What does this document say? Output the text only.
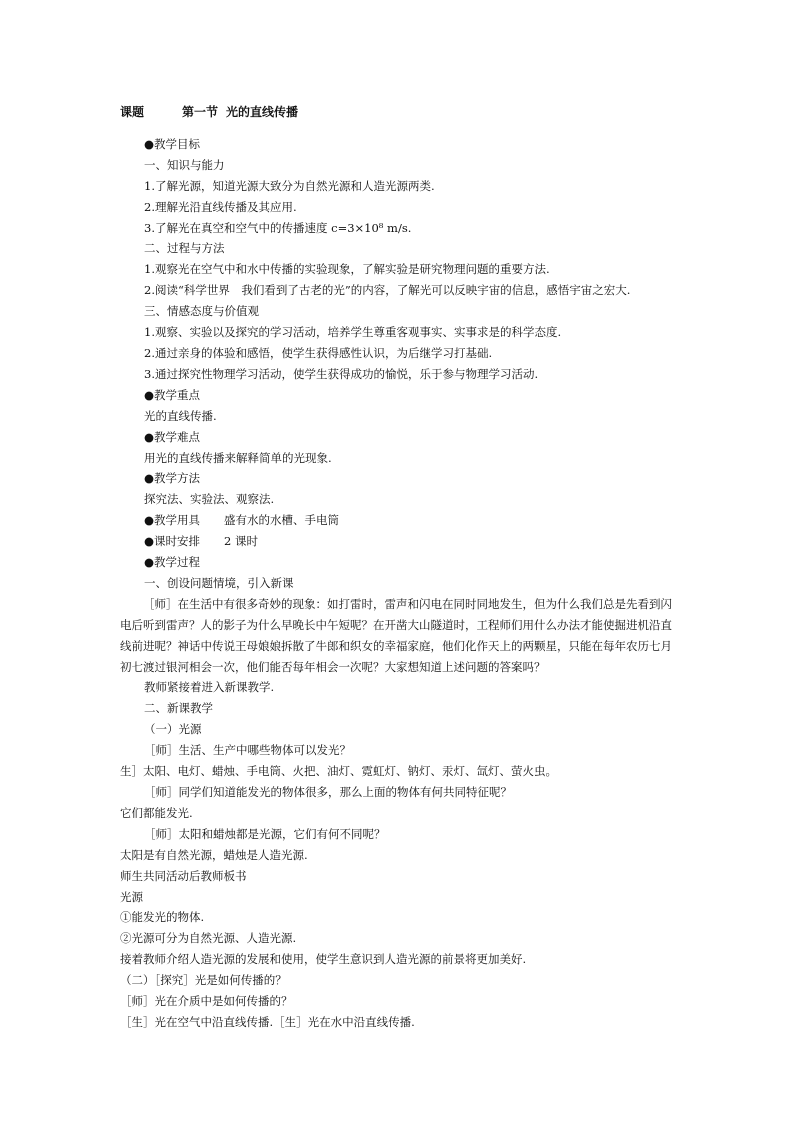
课题	第一节 光的直线传播

●教学目标

一、知识与能力

1.了解光源，知道光源大致分为自然光源和人造光源两类.

2.理解光沿直线传播及其应用.

3.了解光在真空和空气中的传播速度 c=3×10⁸ m/s.

二、过程与方法

1.观察光在空气中和水中传播的实验现象，了解实验是研究物理问题的重要方法.

2.阅读“科学世界　我们看到了古老的光”的内容，了解光可以反映宇宙的信息，感悟宇宙之宏大.

三、情感态度与价值观

1.观察、实验以及探究的学习活动，培养学生尊重客观事实、实事求是的科学态度.

2.通过亲身的体验和感悟，使学生获得感性认识，为后继学习打基础.

3.通过探究性物理学习活动，使学生获得成功的愉悦，乐于参与物理学习活动.

●教学重点

光的直线传播.

●教学难点

用光的直线传播来解释简单的光现象.

●教学方法

探究法、实验法、观察法.

●教学用具 盛有水的水槽、手电筒

●课时安排 2 课时

●教学过程

一、创设问题情境，引入新课

［师］在生活中有很多奇妙的现象：如打雷时，雷声和闪电在同时同地发生，但为什么我们总是先看到闪电后听到雷声？人的影子为什么早晚长中午短呢？在开凿大山隧道时，工程师们用什么办法才能使掘进机沿直线前进呢？神话中传说王母娘娘拆散了牛郎和织女的幸福家庭，他们化作天上的两颗星，只能在每年农历七月初七渡过银河相会一次，他们能否每年相会一次呢？大家想知道上述问题的答案吗？

教师紧接着进入新课教学.

二、新课教学

（一）光源

［师］生活、生产中哪些物体可以发光？

生］太阳、电灯、蜡烛、手电筒、火把、油灯、霓虹灯、钠灯、汞灯、氙灯、萤火虫。

［师］同学们知道能发光的物体很多，那么上面的物体有何共同特征呢？

它们都能发光.

［师］太阳和蜡烛都是光源，它们有何不同呢？

太阳是有自然光源，蜡烛是人造光源.

师生共同活动后教师板书

光源

①能发光的物体.

②光源可分为自然光源、人造光源.

接着教师介绍人造光源的发展和使用，使学生意识到人造光源的前景将更加美好.

（二）［探究］光是如何传播的？

［师］光在介质中是如何传播的？

［生］光在空气中沿直线传播.［生］光在水中沿直线传播.
